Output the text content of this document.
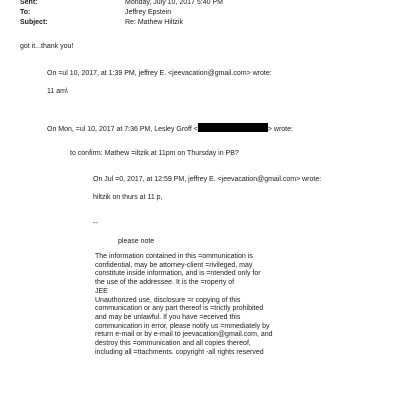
Sent:	Monday, July 10, 2017 5:40 PM
To:	Jeffrey Epstein
Subject:	Re: Mathew Hiltzik
got it...thank you!
On =ul 10, 2017, at 1:39 PM, jeffrey E. <jeevacation@gmail.com> wrote:
11 am\
On Mon, =ul 10, 2017 at 7:36 PM, Lesley Groff <	> wrote:
to confirm: Mathew =iltzik at 11pm on Thursday in PB?
On Jul =0, 2017, at 12:59 PM, jeffrey E. <jeevacation@gmail.com> wrote:
hiltzik on thurs at 11 p,
--
please note
The information contained in this =ommunication is
confidential, may be attorney-client =rivileged, may
constitute inside information, and is =ntended only for
the use of the addressee. It is the =roperty of
JEE
Unauthorized use, disclosure =r copying of this
communication or any part thereof is =trictly prohibited
and may be unlawful. If you have =eceived this
communication in error, please notify us =mmediately by
return e-mail or by e-mail to jeevacation@gmail.com, and
destroy this =ommunication and all copies thereof,
including all =ttachments. copyright -all rights reserved
